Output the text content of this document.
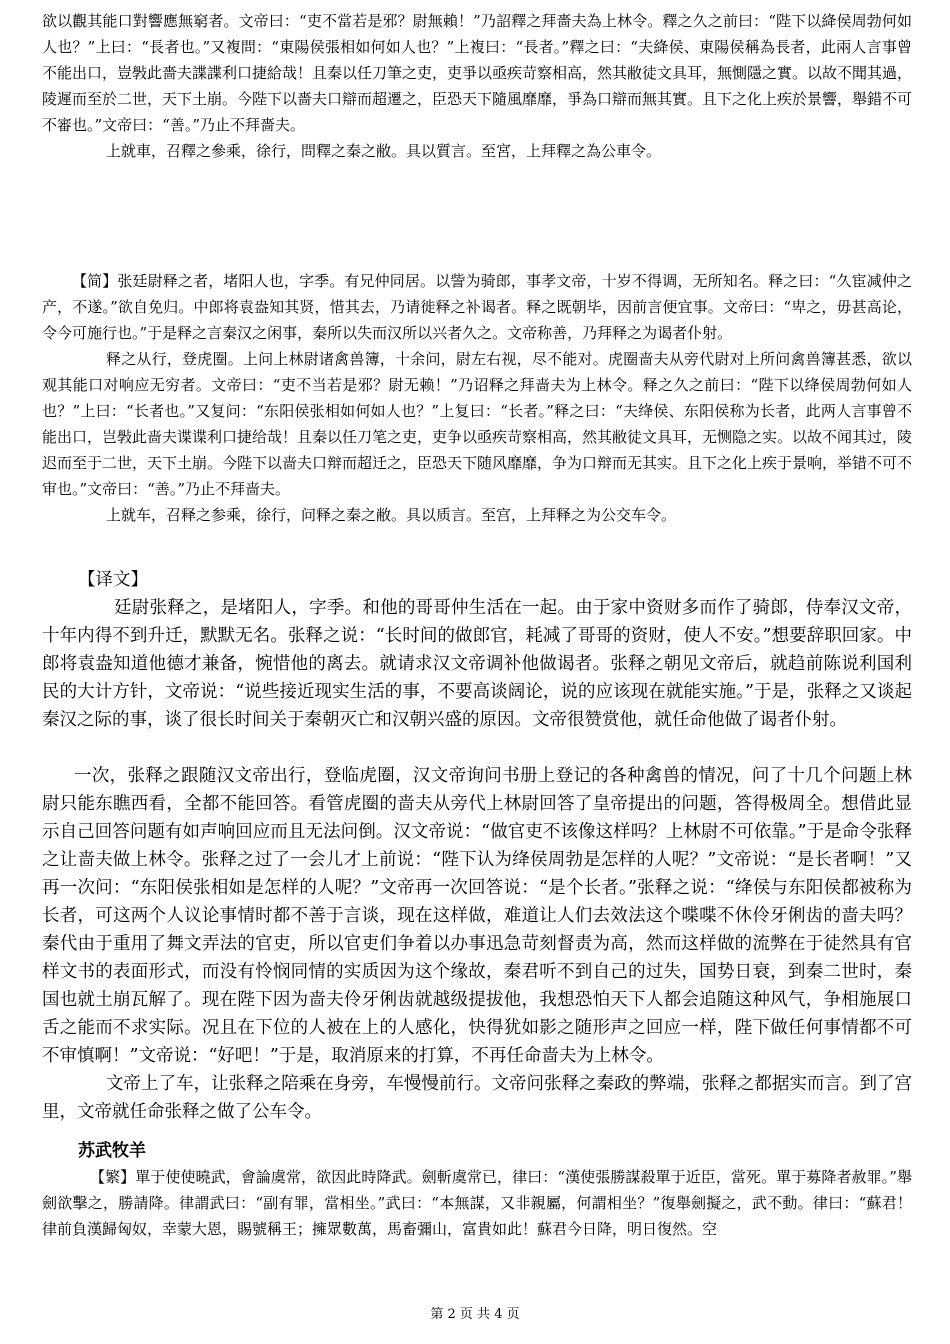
欲以觀其能口對響應無窮者。文帝曰：“吏不當若是邪？尉無賴！”乃詔釋之拜嗇夫為上林令。釋之久之前曰：“陛下以絳侯周勃何如人也？”上曰：“長者也。”又複問：“東陽侯張相如何如人也？”上複曰：“長者。”釋之曰：“夫絳侯、東陽侯稱為長者，此兩人言事曾不能出口，豈斅此嗇夫諜諜利口捷給哉！且秦以任刀筆之吏，吏爭以亟疾苛察相高，然其敝徒文具耳，無惻隱之實。以故不聞其過，陵遲而至於二世，天下土崩。今陛下以嗇夫口辯而超遷之，臣恐天下隨風靡靡，爭為口辯而無其實。且下之化上疾於景響，舉錯不可不審也。”文帝曰：“善。”乃止不拜嗇夫。

上就車，召釋之參乘，徐行，問釋之秦之敝。具以質言。至宮，上拜釋之為公車令。

【简】张廷尉释之者，堵阳人也，字季。有兄仲同居。以訾为骑郎，事孝文帝，十岁不得调，无所知名。释之曰：“久宦减仲之产，不遂。”欲自免归。中郎将袁盎知其贤，惜其去，乃请徙释之补谒者。释之既朝毕，因前言便宜事。文帝曰：“卑之，毋甚高论，令今可施行也。”于是释之言秦汉之闲事，秦所以失而汉所以兴者久之。文帝称善，乃拜释之为谒者仆射。

释之从行，登虎圈。上问上林尉诸禽兽簿，十余问，尉左右视，尽不能对。虎圈啬夫从旁代尉对上所问禽兽簿甚悉，欲以观其能口对响应无穷者。文帝曰：“吏不当若是邪？尉无赖！”乃诏释之拜啬夫为上林令。释之久之前曰：“陛下以绛侯周勃何如人也？”上曰：“长者也。”又复问：“东阳侯张相如何如人也？”上复曰：“长者。”释之曰：“夫绛侯、东阳侯称为长者，此两人言事曾不能出口，岂斅此啬夫谍谍利口捷给哉！且秦以任刀笔之吏，吏争以亟疾苛察相高，然其敝徒文具耳，无恻隐之实。以故不闻其过，陵迟而至于二世，天下土崩。今陛下以啬夫口辩而超迁之，臣恐天下随风靡靡，争为口辩而无其实。且下之化上疾于景响，举错不可不审也。”文帝曰：“善。”乃止不拜啬夫。

上就车，召释之参乘，徐行，问释之秦之敝。具以质言。至宫，上拜释之为公交车令。

【译文】

廷尉张释之，是堵阳人，字季。和他的哥哥仲生活在一起。由于家中资财多而作了骑郎，侍奉汉文帝，十年内得不到升迁，默默无名。张释之说：“长时间的做郎官，耗减了哥哥的资财，使人不安。”想要辞职回家。中郎将袁盎知道他德才兼备，惋惜他的离去。就请求汉文帝调补他做谒者。张释之朝见文帝后，就趋前陈说利国利民的大计方针，文帝说：“说些接近现实生活的事，不要高谈阔论，说的应该现在就能实施。”于是，张释之又谈起秦汉之际的事，谈了很长时间关于秦朝灭亡和汉朝兴盛的原因。文帝很赞赏他，就任命他做了谒者仆射。

一次，张释之跟随汉文帝出行，登临虎圈，汉文帝询问书册上登记的各种禽兽的情况，问了十几个问题上林尉只能东瞧西看，全都不能回答。看管虎圈的啬夫从旁代上林尉回答了皇帝提出的问题，答得极周全。想借此显示自己回答问题有如声响回应而且无法问倒。汉文帝说：“做官吏不该像这样吗？上林尉不可依靠。”于是命令张释之让啬夫做上林令。张释之过了一会儿才上前说：“陛下认为绛侯周勃是怎样的人呢？”文帝说：“是长者啊！”又再一次问：“东阳侯张相如是怎样的人呢？”文帝再一次回答说：“是个长者。”张释之说：“绛侯与东阳侯都被称为长者，可这两个人议论事情时都不善于言谈，现在这样做，难道让人们去效法这个喋喋不休伶牙俐齿的啬夫吗？秦代由于重用了舞文弄法的官吏，所以官吏们争着以办事迅急苛刻督责为高，然而这样做的流弊在于徒然具有官样文书的表面形式，而没有怜悯同情的实质因为这个缘故，秦君听不到自己的过失，国势日衰，到秦二世时，秦国也就土崩瓦解了。现在陛下因为啬夫伶牙俐齿就越级提拔他，我想恐怕天下人都会追随这种风气，争相施展口舌之能而不求实际。况且在下位的人被在上的人感化，快得犹如影之随形声之回应一样，陛下做任何事情都不可不审慎啊！”文帝说：“好吧！”于是，取消原来的打算，不再任命啬夫为上林令。

文帝上了车，让张释之陪乘在身旁，车慢慢前行。文帝问张释之秦政的弊端，张释之都据实而言。到了宫里，文帝就任命张释之做了公车令。

苏武牧羊

【繁】單于使使曉武，會論虞常，欲因此時降武。劍斬虞常已，律曰：“漢使張勝謀殺單于近臣，當死。單于募降者赦罪。”舉劍欲擊之，勝請降。律謂武曰：“副有罪，當相坐。”武曰：“本無謀，又非親屬，何謂相坐？”復舉劍擬之，武不動。律曰：“蘇君！律前負漢歸匈奴，幸蒙大恩，賜號稱王；擁眾數萬，馬畜彌山，富貴如此！蘇君今日降，明日復然。空

第 2 页 共 4 页
